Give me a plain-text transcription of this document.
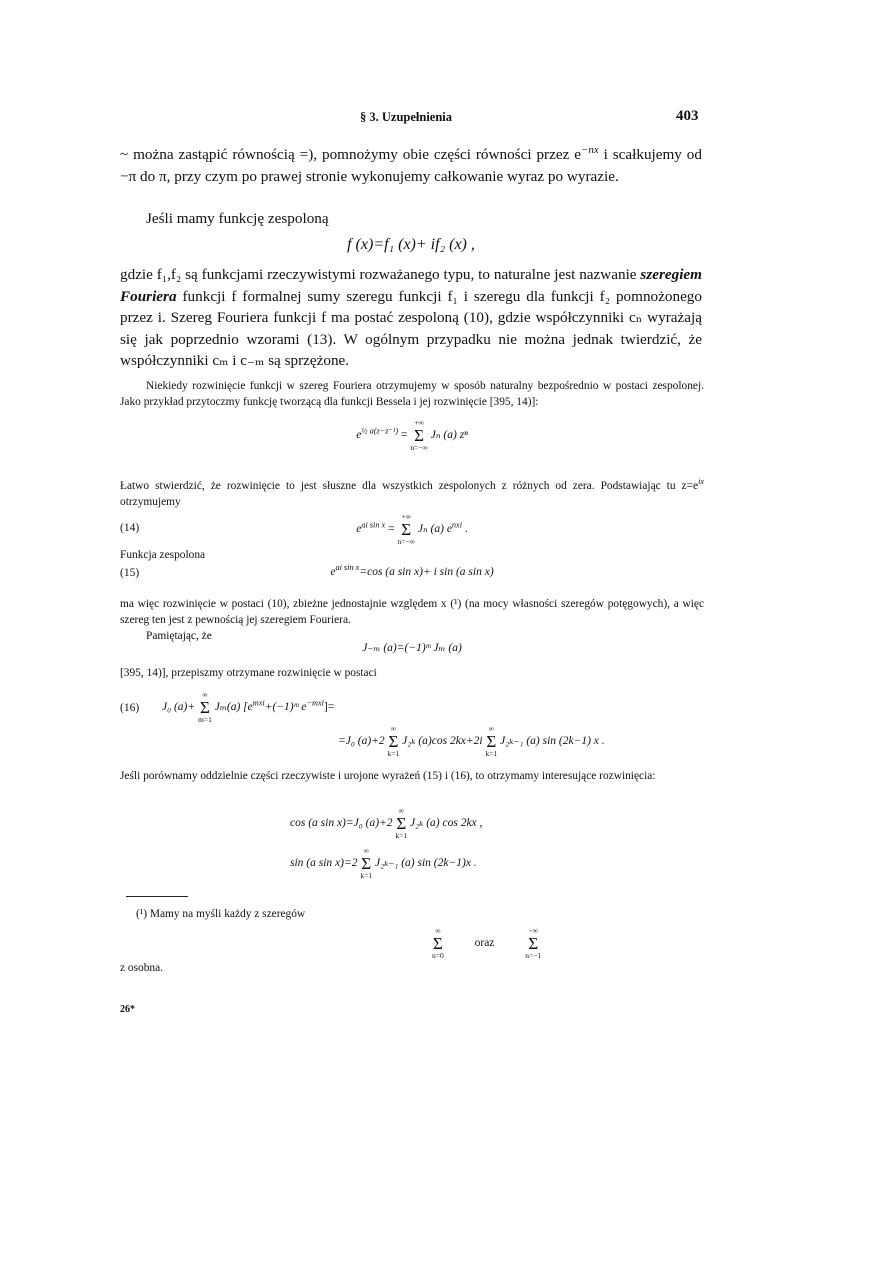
§ 3. Uzupełnienia	403
~ można zastąpić równością =), pomnożymy obie części równości przez $e^{-nx}$ i scałkujemy od −π do π, przy czym po prawej stronie wykonujemy całkowanie wyraz po wyrazie.
Jeśli mamy funkcję zespoloną
f (x)=f₁ (x)+ if₂ (x) ,
gdzie f₁,f₂ są funkcjami rzeczywistymi rozważanego typu, to naturalne jest nazwanie szeregiem Fouriera funkcji f formalnej sumy szeregu funkcji f₁ i szeregu dla funkcji f₂ pomnożonego przez i. Szereg Fouriera funkcji f ma postać zespoloną (10), gdzie współczynniki cₙ wyrażają się jak poprzednio wzorami (13). W ogólnym przypadku nie można jednak twierdzić, że współczynniki cₘ i c₋ₘ są sprzężone.
Niekiedy rozwinięcie funkcji w szereg Fouriera otrzymujemy w sposób naturalny bezpośrednio w postaci zespolonej. Jako przykład przytoczmy funkcję tworzącą dla funkcji Bessela i jej rozwinięcie [395, 14)]:
$e^{\frac{1}{2} a(z-z^{-1})}$ =
+∞
Σ
n=−∞
Jₙ (a) zⁿ
Łatwo stwierdzić, że rozwinięcie to jest słuszne dla wszystkich zespolonych z różnych od zera. Podstawiając tu $z=e^{ix}$ otrzymujemy
(14)	$e^{ai sin x}$ =
+∞
Σ
n=−∞
Jₙ (a) $e^{nxi}$ .
Funkcja zespolona
(15)	$e^{ai sin x}=\cos$ (a sin x)+ i sin (a sin x)
ma więc rozwinięcie w postaci (10), zbieżne jednostajnie względem x (¹) (na mocy własności szeregów potęgowych), a więc szereg ten jest z pewnością jej szeregiem Fouriera.
Pamiętając, że
J₋ₘ (a)=(−1)ᵐ Jₘ (a)
[395, 14)], przepiszmy otrzymane rozwinięcie w postaci
(16) J₀ (a)+
∞
Σ
m=1
Jₘ(a) [$e^{mxi}+(-1)ᵐ$ $e^{-mxi}]=$
=J₀ (a)+2
∞
Σ
k=1
J₂ₖ (a)cos 2kx+2i
∞
Σ
k=1
J₂ₖ₋₁ (a) sin (2k−1) x .
Jeśli porównamy oddzielnie części rzeczywiste i urojone wyrażeń (15) i (16), to otrzymamy interesujące rozwinięcia:
cos (a sin x)=J₀ (a)+2
∞
Σ
k=1
J₂ₖ (a) cos 2kx ,
sin (a sin x)=2
∞
Σ
k=1
J₂ₖ₋₁ (a) sin (2k−1)x .
(¹) Mamy na myśli każdy z szeregów
∞
Σ
n=0
oraz
−∞
Σ
n=−1
z osobna.
26*
